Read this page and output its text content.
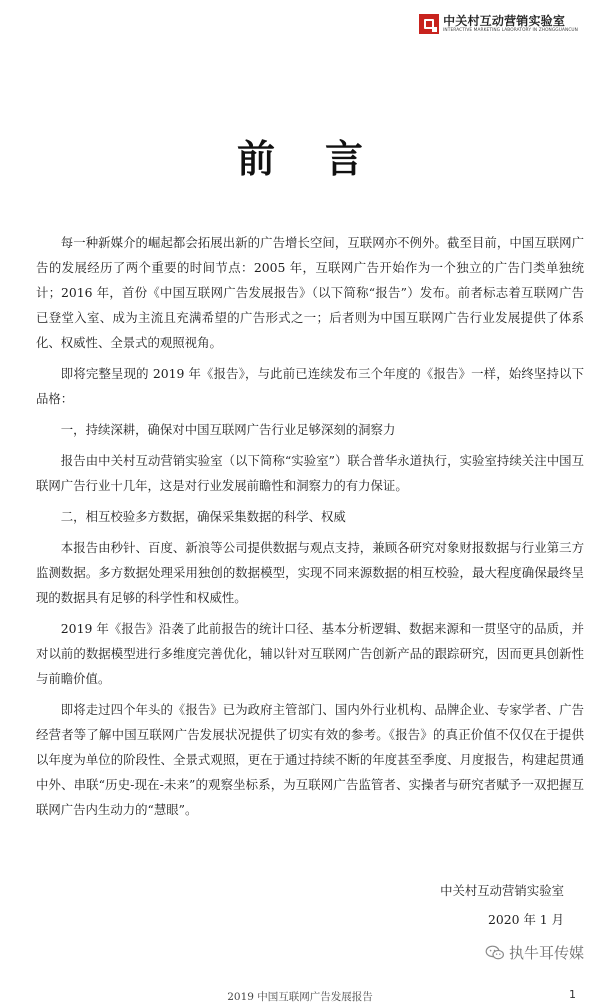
中关村互动营销实验室
INTERACTIVE MARKETING LABORATORY IN ZHONGGUANCUN
前言

每一种新媒介的崛起都会拓展出新的广告增长空间，互联网亦不例外。截至目前，中国互联网广告的发展经历了两个重要的时间节点：2005 年，互联网广告开始作为一个独立的广告门类单独统计；2016 年，首份《中国互联网广告发展报告》（以下简称“报告”）发布。前者标志着互联网广告已登堂入室、成为主流且充满希望的广告形式之一；后者则为中国互联网广告行业发展提供了体系化、权威性、全景式的观照视角。

即将完整呈现的 2019 年《报告》，与此前已连续发布三个年度的《报告》一样，始终坚持以下品格：

一，持续深耕，确保对中国互联网广告行业足够深刻的洞察力

报告由中关村互动营销实验室（以下简称“实验室”）联合普华永道执行，实验室持续关注中国互联网广告行业十几年，这是对行业发展前瞻性和洞察力的有力保证。

二，相互校验多方数据，确保采集数据的科学、权威

本报告由秒针、百度、新浪等公司提供数据与观点支持，兼顾各研究对象财报数据与行业第三方监测数据。多方数据处理采用独创的数据模型，实现不同来源数据的相互校验，最大程度确保最终呈现的数据具有足够的科学性和权威性。

2019 年《报告》沿袭了此前报告的统计口径、基本分析逻辑、数据来源和一贯坚守的品质，并对以前的数据模型进行多维度完善优化，辅以针对互联网广告创新产品的跟踪研究，因而更具创新性与前瞻价值。

即将走过四个年头的《报告》已为政府主管部门、国内外行业机构、品牌企业、专家学者、广告经营者等了解中国互联网广告发展状况提供了切实有效的参考。《报告》的真正价值不仅仅在于提供以年度为单位的阶段性、全景式观照，更在于通过持续不断的年度甚至季度、月度报告，构建起贯通中外、串联“历史-现在-未来”的观察坐标系，为互联网广告监管者、实操者与研究者赋予一双把握互联网广告内生动力的“慧眼”。

中关村互动营销实验室
2020 年 1 月
执牛耳传媒
2019 中国互联网广告发展报告	1
